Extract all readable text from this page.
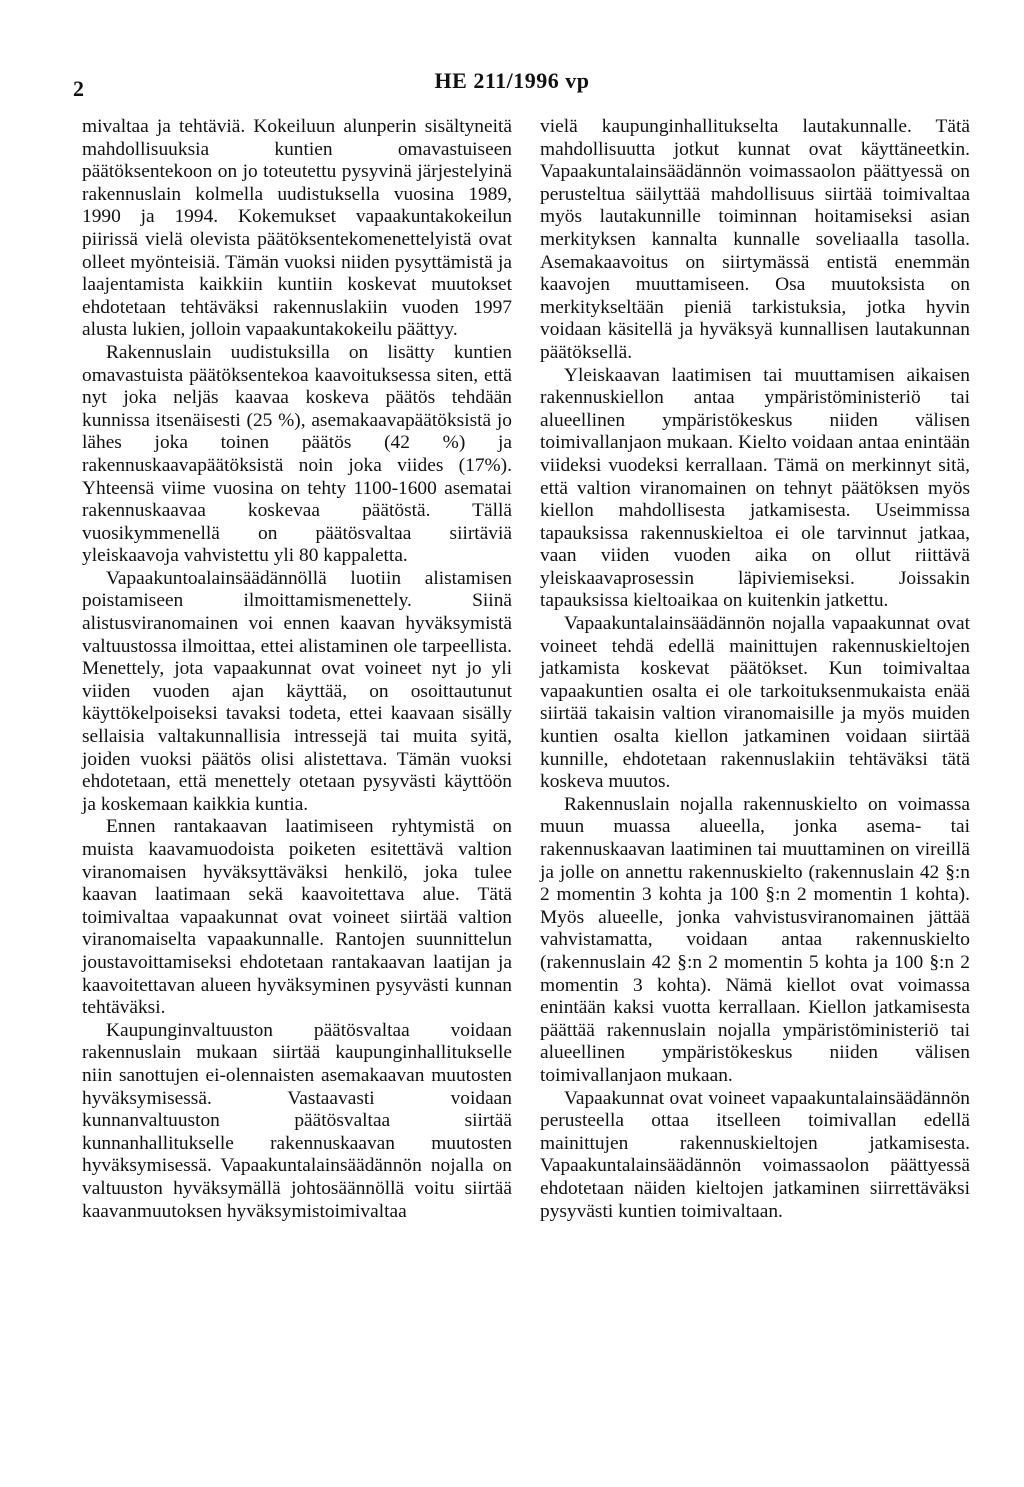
2	HE 211/1996 vp

mivaltaa ja tehtäviä. Kokeiluun alunperin sisältyneitä mahdollisuuksia kuntien omavastuiseen päätöksentekoon on jo toteutettu pysyvinä järjestelyinä rakennuslain kolmella uudistuksella vuosina 1989, 1990 ja 1994. Kokemukset vapaakuntakokeilun piirissä vielä olevista päätöksentekomenettelyistä ovat olleet myönteisiä. Tämän vuoksi niiden pysyttämistä ja laajentamista kaikkiin kuntiin koskevat muutokset ehdotetaan tehtäväksi rakennuslakiin vuoden 1997 alusta lukien, jolloin vapaakuntakokeilu päättyy.

Rakennuslain uudistuksilla on lisätty kuntien omavastuista päätöksentekoa kaavoituksessa siten, että nyt joka neljäs kaavaa koskeva päätös tehdään kunnissa itsenäisesti (25 %), asemakaavapäätöksistä jo lähes joka toinen päätös (42 %) ja rakennuskaavapäätöksistä noin joka viides (17%). Yhteensä viime vuosina on tehty 1100-1600 asematai rakennuskaavaa koskevaa päätöstä. Tällä vuosikymmenellä on päätösvaltaa siirtäviä yleiskaavoja vahvistettu yli 80 kappaletta.

Vapaakuntoalainsäädännöllä luotiin alistamisen poistamiseen ilmoittamismenettely. Siinä alistusviranomainen voi ennen kaavan hyväksymistä valtuustossa ilmoittaa, ettei alistaminen ole tarpeellista. Menettely, jota vapaakunnat ovat voineet nyt jo yli viiden vuoden ajan käyttää, on osoittautunut käyttökelpoiseksi tavaksi todeta, ettei kaavaan sisälly sellaisia valtakunnallisia intressejä tai muita syitä, joiden vuoksi päätös olisi alistettava. Tämän vuoksi ehdotetaan, että menettely otetaan pysyvästi käyttöön ja koskemaan kaikkia kuntia.

Ennen rantakaavan laatimiseen ryhtymistä on muista kaavamuodoista poiketen esitettävä valtion viranomaisen hyväksyttäväksi henkilö, joka tulee kaavan laatimaan sekä kaavoitettava alue. Tätä toimivaltaa vapaakunnat ovat voineet siirtää valtion viranomaiselta vapaakunnalle. Rantojen suunnittelun joustavoittamiseksi ehdotetaan rantakaavan laatijan ja kaavoitettavan alueen hyväksyminen pysyvästi kunnan tehtäväksi.

Kaupunginvaltuuston päätösvaltaa voidaan rakennuslain mukaan siirtää kaupunginhallitukselle niin sanottujen ei-olennaisten asemakaavan muutosten hyväksymisessä. Vastaavasti voidaan kunnanvaltuuston päätösvaltaa siirtää kunnanhallitukselle rakennuskaavan muutosten hyväksymisessä. Vapaakuntalainsäädännön nojalla on valtuuston hyväksymällä johtosäännöllä voitu siirtää kaavanmuutoksen hyväksymistoimivaltaa

vielä kaupunginhallitukselta lautakunnalle. Tätä mahdollisuutta jotkut kunnat ovat käyttäneetkin. Vapaakuntalainsäädännön voimassaolon päättyessä on perusteltua säilyttää mahdollisuus siirtää toimivaltaa myös lautakunnille toiminnan hoitamiseksi asian merkityksen kannalta kunnalle soveliaalla tasolla. Asemakaavoitus on siirtymässä entistä enemmän kaavojen muuttamiseen. Osa muutoksista on merkitykseltään pieniä tarkistuksia, jotka hyvin voidaan käsitellä ja hyväksyä kunnallisen lautakunnan päätöksellä.

Yleiskaavan laatimisen tai muuttamisen aikaisen rakennuskiellon antaa ympäristöministeriö tai alueellinen ympäristökeskus niiden välisen toimivallanjaon mukaan. Kielto voidaan antaa enintään viideksi vuodeksi kerrallaan. Tämä on merkinnyt sitä, että valtion viranomainen on tehnyt päätöksen myös kiellon mahdollisesta jatkamisesta. Useimmissa tapauksissa rakennuskieltoa ei ole tarvinnut jatkaa, vaan viiden vuoden aika on ollut riittävä yleiskaavaprosessin läpiviemiseksi. Joissakin tapauksissa kieltoaikaa on kuitenkin jatkettu.

Vapaakuntalainsäädännön nojalla vapaakunnat ovat voineet tehdä edellä mainittujen rakennuskieltojen jatkamista koskevat päätökset. Kun toimivaltaa vapaakuntien osalta ei ole tarkoituksenmukaista enää siirtää takaisin valtion viranomaisille ja myös muiden kuntien osalta kiellon jatkaminen voidaan siirtää kunnille, ehdotetaan rakennuslakiin tehtäväksi tätä koskeva muutos.

Rakennuslain nojalla rakennuskielto on voimassa muun muassa alueella, jonka asema- tai rakennuskaavan laatiminen tai muuttaminen on vireillä ja jolle on annettu rakennuskielto (rakennuslain 42 §:n 2 momentin 3 kohta ja 100 §:n 2 momentin 1 kohta). Myös alueelle, jonka vahvistusviranomainen jättää vahvistamatta, voidaan antaa rakennuskielto (rakennuslain 42 §:n 2 momentin 5 kohta ja 100 §:n 2 momentin 3 kohta). Nämä kiellot ovat voimassa enintään kaksi vuotta kerrallaan. Kiellon jatkamisesta päättää rakennuslain nojalla ympäristöministeriö tai alueellinen ympäristökeskus niiden välisen toimivallanjaon mukaan.

Vapaakunnat ovat voineet vapaakuntalainsäädännön perusteella ottaa itselleen toimivallan edellä mainittujen rakennuskieltojen jatkamisesta. Vapaakuntalainsäädännön voimassaolon päättyessä ehdotetaan näiden kieltojen jatkaminen siirrettäväksi pysyvästi kuntien toimivaltaan.
